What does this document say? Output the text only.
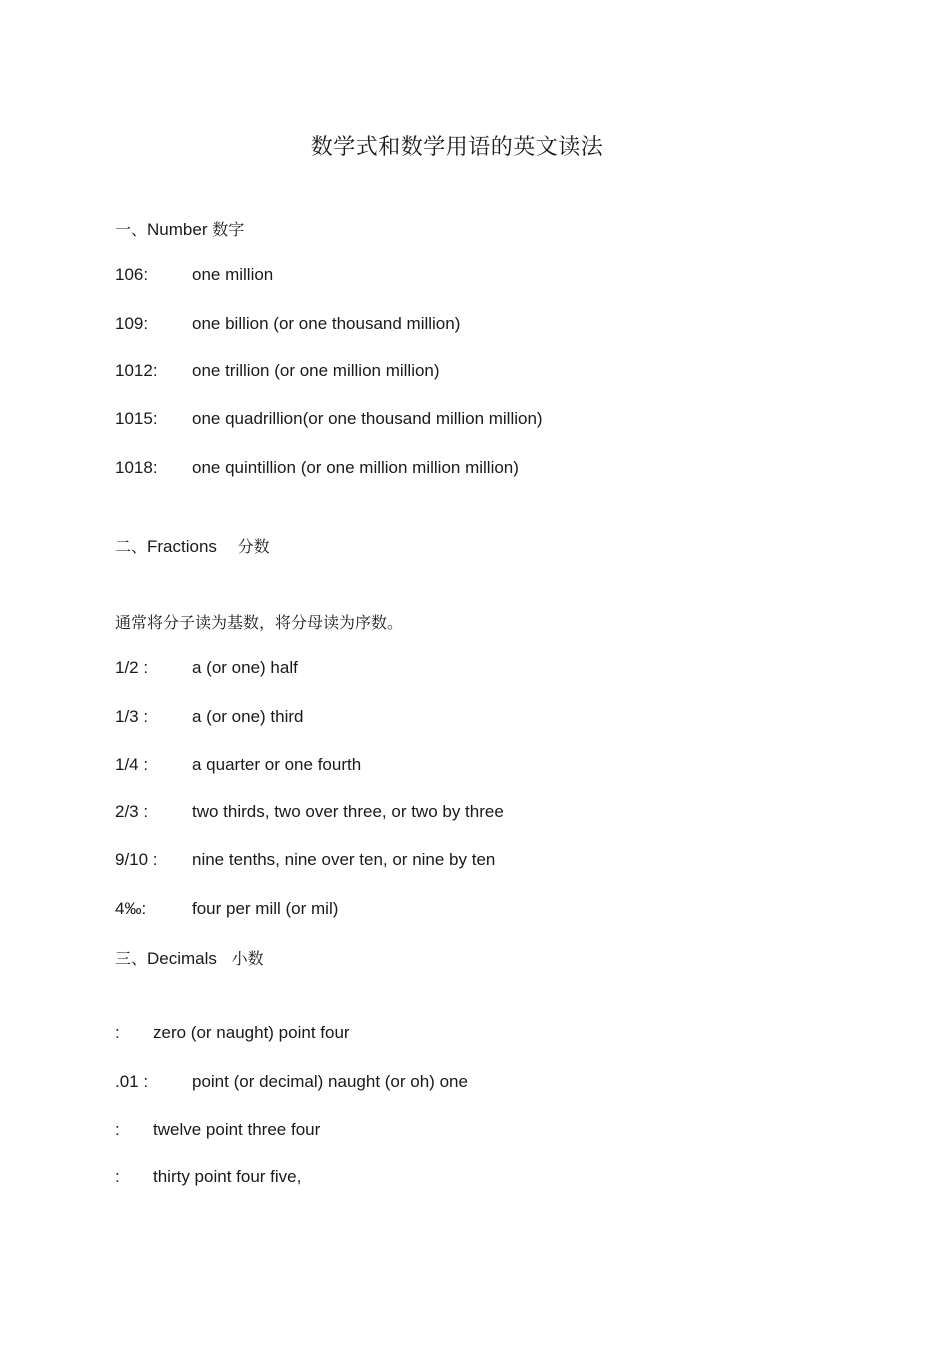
数学式和数学用语的英文读法
一、Number 数字
106:	one million
109:	one billion (or one thousand million)
1012: one trillion (or one million million)
1015: one quadrillion(or one thousand million million)
1018: one quintillion (or one million million million)
二、Fractions 分数
通常将分子读为基数，将分母读为序数。
1/2 :	a (or one) half
1/3 :	a (or one) third
1/4 :	a quarter or one fourth
2/3 :	two thirds, two over three, or two by three
9/10 : nine tenths, nine over ten, or nine by ten
4‰:	four per mill (or mil)
三、Decimals 小数
: zero (or naught) point four
.01 :	point (or decimal) naught (or oh) one
: twelve point three four
: thirty point four five,
